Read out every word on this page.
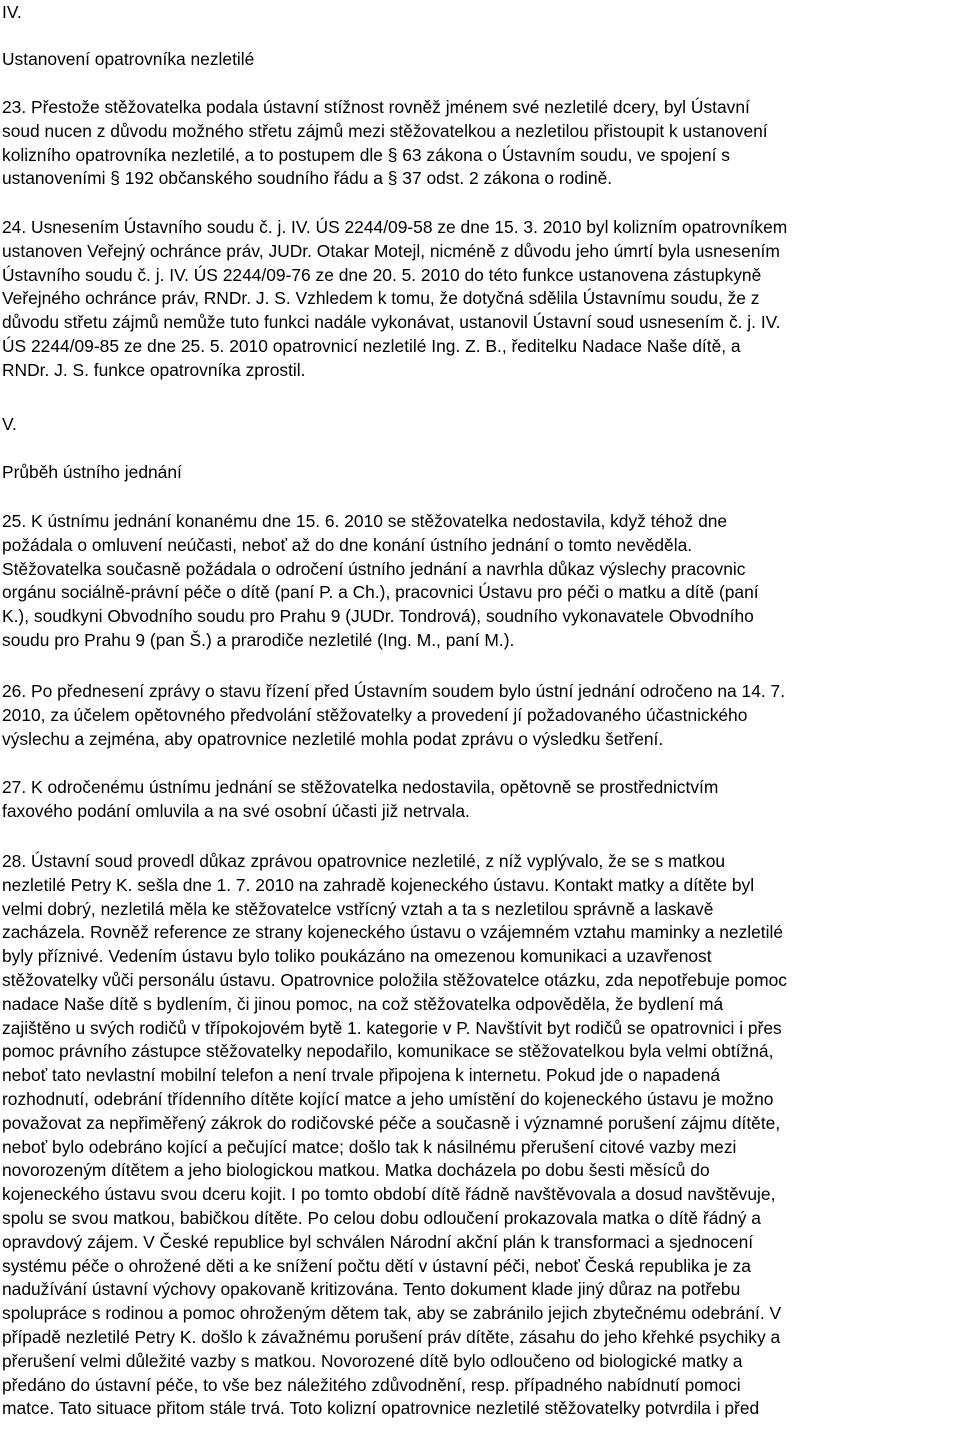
IV.
Ustanovení opatrovníka nezletilé
23. Přestože stěžovatelka podala ústavní stížnost rovněž jménem své nezletilé dcery, byl Ústavní
soud nucen z důvodu možného střetu zájmů mezi stěžovatelkou a nezletilou přistoupit k ustanovení
kolizního opatrovníka nezletilé, a to postupem dle § 63 zákona o Ústavním soudu, ve spojení s
ustanoveními § 192 občanského soudního řádu a § 37 odst. 2 zákona o rodině.
24. Usnesením Ústavního soudu č. j. IV. ÚS 2244/09-58 ze dne 15. 3. 2010 byl kolizním opatrovníkem
ustanoven Veřejný ochránce práv, JUDr. Otakar Motejl, nicméně z důvodu jeho úmrtí byla usnesením
Ústavního soudu č. j. IV. ÚS 2244/09-76 ze dne 20. 5. 2010 do této funkce ustanovena zástupkyně
Veřejného ochránce práv, RNDr. J. S. Vzhledem k tomu, že dotyčná sdělila Ústavnímu soudu, že z
důvodu střetu zájmů nemůže tuto funkci nadále vykonávat, ustanovil Ústavní soud usnesením č. j. IV.
ÚS 2244/09-85 ze dne 25. 5. 2010 opatrovnicí nezletilé Ing. Z. B., ředitelku Nadace Naše dítě, a
RNDr. J. S. funkce opatrovníka zprostil.
V.
Průběh ústního jednání
25. K ústnímu jednání konanému dne 15. 6. 2010 se stěžovatelka nedostavila, když téhož dne
požádala o omluvení neúčasti, neboť až do dne konání ústního jednání o tomto nevěděla.
Stěžovatelka současně požádala o odročení ústního jednání a navrhla důkaz výslechy pracovnic
orgánu sociálně-právní péče o dítě (paní P. a Ch.), pracovnici Ústavu pro péči o matku a dítě (paní
K.), soudkyni Obvodního soudu pro Prahu 9 (JUDr. Tondrová), soudního vykonavatele Obvodního
soudu pro Prahu 9 (pan Š.) a prarodiče nezletilé (Ing. M., paní M.).
26. Po přednesení zprávy o stavu řízení před Ústavním soudem bylo ústní jednání odročeno na 14. 7.
2010, za účelem opětovného předvolání stěžovatelky a provedení jí požadovaného účastnického
výslechu a zejména, aby opatrovnice nezletilé mohla podat zprávu o výsledku šetření.
27. K odročenému ústnímu jednání se stěžovatelka nedostavila, opětovně se prostřednictvím
faxového podání omluvila a na své osobní účasti již netrvala.
28. Ústavní soud provedl důkaz zprávou opatrovnice nezletilé, z níž vyplývalo, že se s matkou
nezletilé Petry K. sešla dne 1. 7. 2010 na zahradě kojeneckého ústavu. Kontakt matky a dítěte byl
velmi dobrý, nezletilá měla ke stěžovatelce vstřícný vztah a ta s nezletilou správně a laskavě
zacházela. Rovněž reference ze strany kojeneckého ústavu o vzájemném vztahu maminky a nezletilé
byly příznivé. Vedením ústavu bylo toliko poukázáno na omezenou komunikaci a uzavřenost
stěžovatelky vůči personálu ústavu. Opatrovnice položila stěžovatelce otázku, zda nepotřebuje pomoc
nadace Naše dítě s bydlením, či jinou pomoc, na což stěžovatelka odpověděla, že bydlení má
zajištěno u svých rodičů v třípokojovém bytě 1. kategorie v P. Navštívit byt rodičů se opatrovnici i přes
pomoc právního zástupce stěžovatelky nepodařilo, komunikace se stěžovatelkou byla velmi obtížná,
neboť tato nevlastní mobilní telefon a není trvale připojena k internetu. Pokud jde o napadená
rozhodnutí, odebrání třídenního dítěte kojící matce a jeho umístění do kojeneckého ústavu je možno
považovat za nepřiměřený zákrok do rodičovské péče a současně i významné porušení zájmu dítěte,
neboť bylo odebráno kojící a pečující matce; došlo tak k násilnému přerušení citové vazby mezi
novorozeným dítětem a jeho biologickou matkou. Matka docházela po dobu šesti měsíců do
kojeneckého ústavu svou dceru kojit. I po tomto období dítě řádně navštěvovala a dosud navštěvuje,
spolu se svou matkou, babičkou dítěte. Po celou dobu odloučení prokazovala matka o dítě řádný a
opravdový zájem. V České republice byl schválen Národní akční plán k transformaci a sjednocení
systému péče o ohrožené děti a ke snížení počtu dětí v ústavní péči, neboť Česká republika je za
nadužívání ústavní výchovy opakovaně kritizována. Tento dokument klade jiný důraz na potřebu
spolupráce s rodinou a pomoc ohroženým dětem tak, aby se zabránilo jejich zbytečnému odebrání. V
případě nezletilé Petry K. došlo k závažnému porušení práv dítěte, zásahu do jeho křehké psychiky a
přerušení velmi důležité vazby s matkou. Novorozené dítě bylo odloučeno od biologické matky a
předáno do ústavní péče, to vše bez náležitého zdůvodnění, resp. případného nabídnutí pomoci
matce. Tato situace přitom stále trvá. Toto kolizní opatrovnice nezletilé stěžovatelky potvrdila i před
